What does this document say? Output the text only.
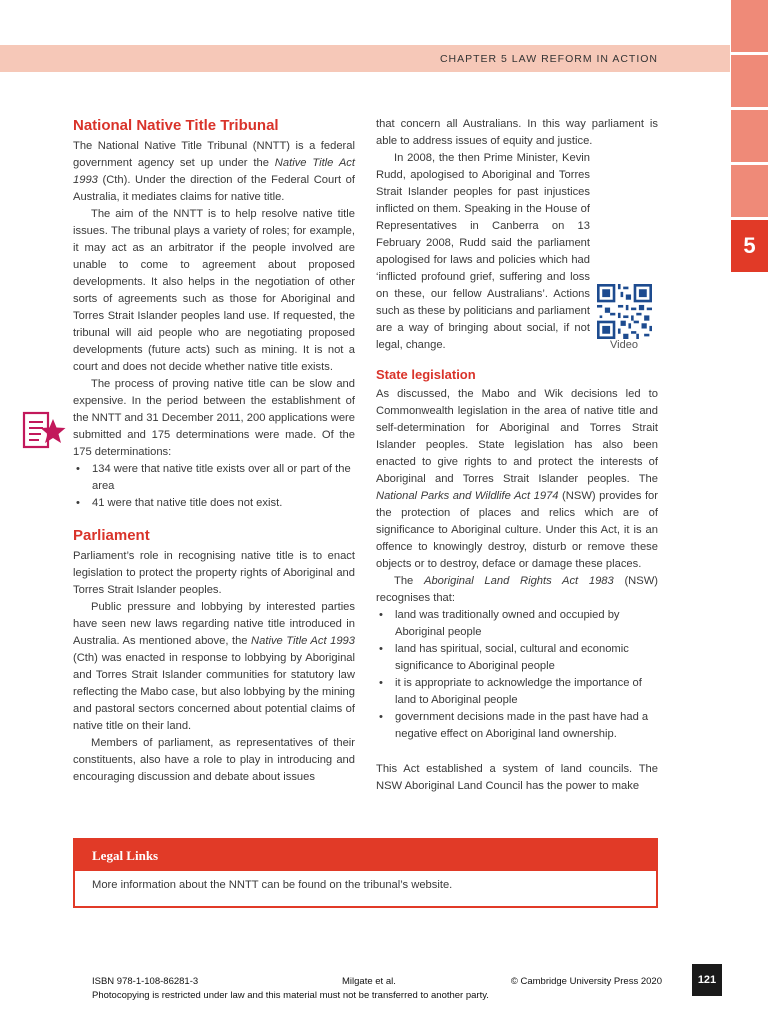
CHAPTER 5 LAW REFORM IN ACTION
5
National Native Title Tribunal

The National Native Title Tribunal (NNTT) is a federal government agency set up under the Native Title Act 1993 (Cth). Under the direction of the Federal Court of Australia, it mediates claims for native title.

The aim of the NNTT is to help resolve native title issues. The tribunal plays a variety of roles; for example, it may act as an arbitrator if the people involved are unable to come to agreement about proposed developments. It also helps in the negotiation of other sorts of agreements such as those for Aboriginal and Torres Strait Islander peoples land use. If requested, the tribunal will aid people who are negotiating proposed developments (future acts) such as mining. It is not a court and does not decide whether native title exists.

The process of proving native title can be slow and expensive. In the period between the establishment of the NNTT and 31 December 2011, 200 applications were submitted and 175 determinations were made. Of the 175 determinations:

• 134 were that native title exists over all or part of the area
• 41 were that native title does not exist.
Parliament

Parliament’s role in recognising native title is to enact legislation to protect the property rights of Aboriginal and Torres Strait Islander peoples.

Public pressure and lobbying by interested parties have seen new laws regarding native title introduced in Australia. As mentioned above, the Native Title Act 1993 (Cth) was enacted in response to lobbying by Aboriginal and Torres Strait Islander communities for statutory law reflecting the Mabo case, but also lobbying by the mining and pastoral sectors concerned about potential claims of native title on their land.

Members of parliament, as representatives of their constituents, also have a role to play in introducing and encouraging discussion and debate about issues

that concern all Australians. In this way parliament is able to address issues of equity and justice.

In 2008, the then Prime Minister, Kevin Rudd, apologised to Aboriginal and Torres Strait Islander peoples for past injustices inflicted on them. Speaking in the House of Representatives in Canberra on 13 February 2008, Rudd said the parliament apologised for laws and policies which had ‘inflicted profound grief, suffering and loss on these, our fellow Australians’. Actions such as these by politicians and parliament are a way of bringing about social, if not legal, change.

State legislation

As discussed, the Mabo and Wik decisions led to Commonwealth legislation in the area of native title and self-determination for Aboriginal and Torres Strait Islander peoples. State legislation has also been enacted to give rights to and protect the interests of Aboriginal and Torres Strait Islander peoples. The National Parks and Wildlife Act 1974 (NSW) provides for the protection of places and relics which are of significance to Aboriginal culture. Under this Act, it is an offence to knowingly destroy, disturb or remove these objects or to destroy, deface or damage these places.

The Aboriginal Land Rights Act 1983 (NSW) recognises that:

• land was traditionally owned and occupied by Aboriginal people
• land has spiritual, social, cultural and economic significance to Aboriginal people
• it is appropriate to acknowledge the importance of land to Aboriginal people
• government decisions made in the past have had a negative effect on Aboriginal land ownership.

This Act established a system of land councils. The NSW Aboriginal Land Council has the power to make

Video
Legal Links
More information about the NNTT can be found on the tribunal’s website.
ISBN 978-1-108-86281-3	Milgate et al.	© Cambridge University Press 2020
Photocopying is restricted under law and this material must not be transferred to another party.
121
